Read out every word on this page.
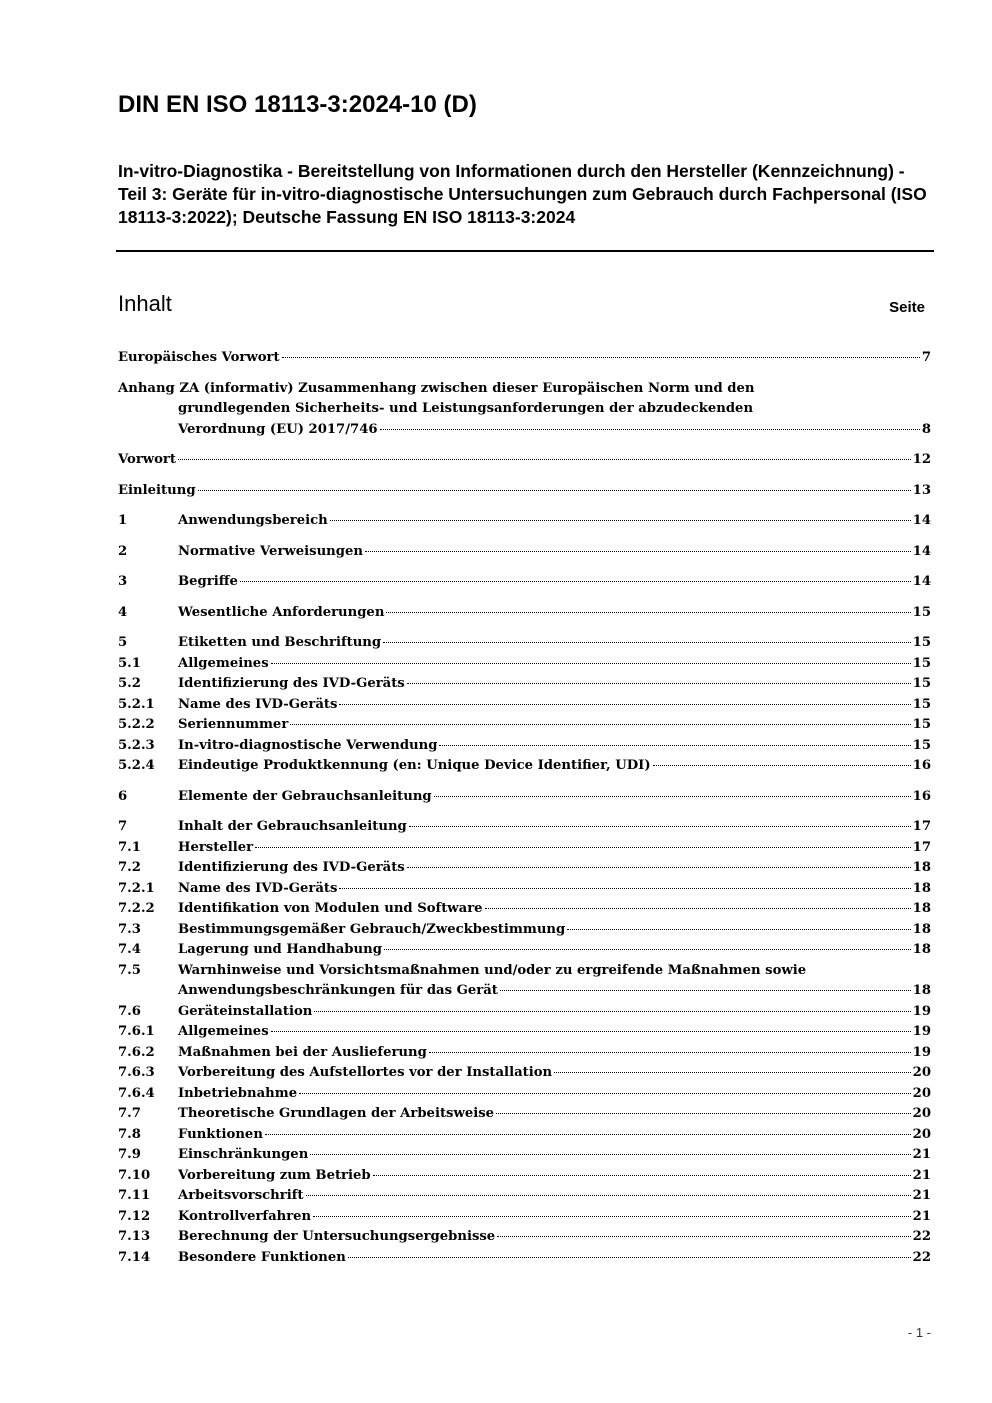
DIN EN ISO 18113-3:2024-10 (D)
In-vitro-Diagnostika - Bereitstellung von Informationen durch den Hersteller (Kennzeichnung) - Teil 3: Geräte für in-vitro-diagnostische Untersuchungen zum Gebrauch durch Fachpersonal (ISO 18113-3:2022); Deutsche Fassung EN ISO 18113-3:2024
Inhalt	Seite
Europäisches Vorwort	7
Anhang ZA (informativ) Zusammenhang zwischen dieser Europäischen Norm und den
grundlegenden Sicherheits- und Leistungsanforderungen der abzudeckenden
Verordnung (EU) 2017/746	8
Vorwort	12
Einleitung	13
1	Anwendungsbereich	14
2	Normative Verweisungen	14
3	Begriffe	14
4	Wesentliche Anforderungen	15
5	Etiketten und Beschriftung	15
5.1	Allgemeines	15
5.2	Identifizierung des IVD-Geräts	15
5.2.1	Name des IVD-Geräts	15
5.2.2	Seriennummer	15
5.2.3	In-vitro-diagnostische Verwendung	15
5.2.4	Eindeutige Produktkennung (en: Unique Device Identifier, UDI)	16
6	Elemente der Gebrauchsanleitung	16
7	Inhalt der Gebrauchsanleitung	17
7.1	Hersteller	17
7.2	Identifizierung des IVD-Geräts	18
7.2.1	Name des IVD-Geräts	18
7.2.2	Identifikation von Modulen und Software	18
7.3	Bestimmungsgemäßer Gebrauch/Zweckbestimmung	18
7.4	Lagerung und Handhabung	18
7.5	Warnhinweise und Vorsichtsmaßnahmen und/oder zu ergreifende Maßnahmen sowie
Anwendungsbeschränkungen für das Gerät	18
7.6	Geräteinstallation	19
7.6.1	Allgemeines	19
7.6.2	Maßnahmen bei der Auslieferung	19
7.6.3	Vorbereitung des Aufstellortes vor der Installation	20
7.6.4	Inbetriebnahme	20
7.7	Theoretische Grundlagen der Arbeitsweise	20
7.8	Funktionen	20
7.9	Einschränkungen	21
7.10	Vorbereitung zum Betrieb	21
7.11	Arbeitsvorschrift	21
7.12	Kontrollverfahren	21
7.13	Berechnung der Untersuchungsergebnisse	22
7.14	Besondere Funktionen	22
- 1 -
